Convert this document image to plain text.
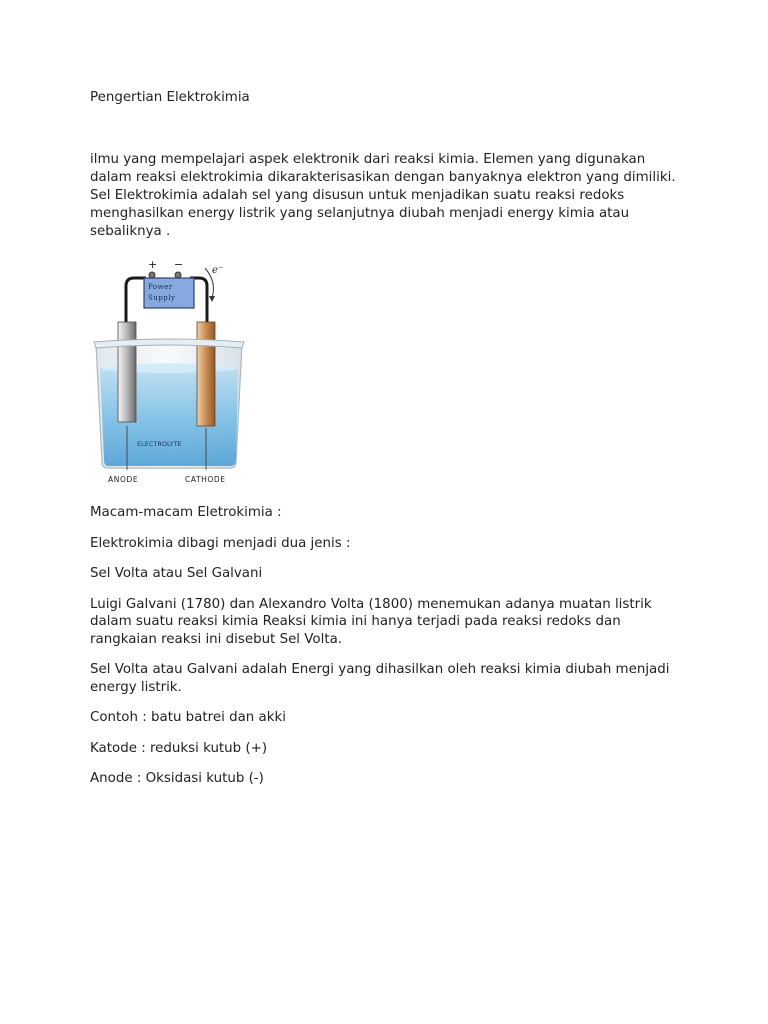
Pengertian Elektrokimia

ilmu yang mempelajari aspek elektronik dari reaksi kimia. Elemen yang digunakan dalam reaksi elektrokimia dikarakterisasikan dengan banyaknya elektron yang dimiliki. Sel Elektrokimia adalah sel yang disusun untuk menjadikan suatu reaksi redoks menghasilkan energy listrik yang selanjutnya diubah menjadi energy kimia atau sebaliknya .

+ −
Power
Supply
e⁻
ELECTROLYTE
ANODE	CATHODE

Macam-macam Eletrokimia :

Elektrokimia dibagi menjadi dua jenis :

Sel Volta atau Sel Galvani

Luigi Galvani (1780) dan Alexandro Volta (1800) menemukan adanya muatan listrik dalam suatu reaksi kimia Reaksi kimia ini hanya terjadi pada reaksi redoks dan rangkaian reaksi ini disebut Sel Volta.

Sel Volta atau Galvani adalah Energi yang dihasilkan oleh reaksi kimia diubah menjadi energy listrik.

Contoh : batu batrei dan akki

Katode : reduksi kutub (+)

Anode : Oksidasi kutub (-)
